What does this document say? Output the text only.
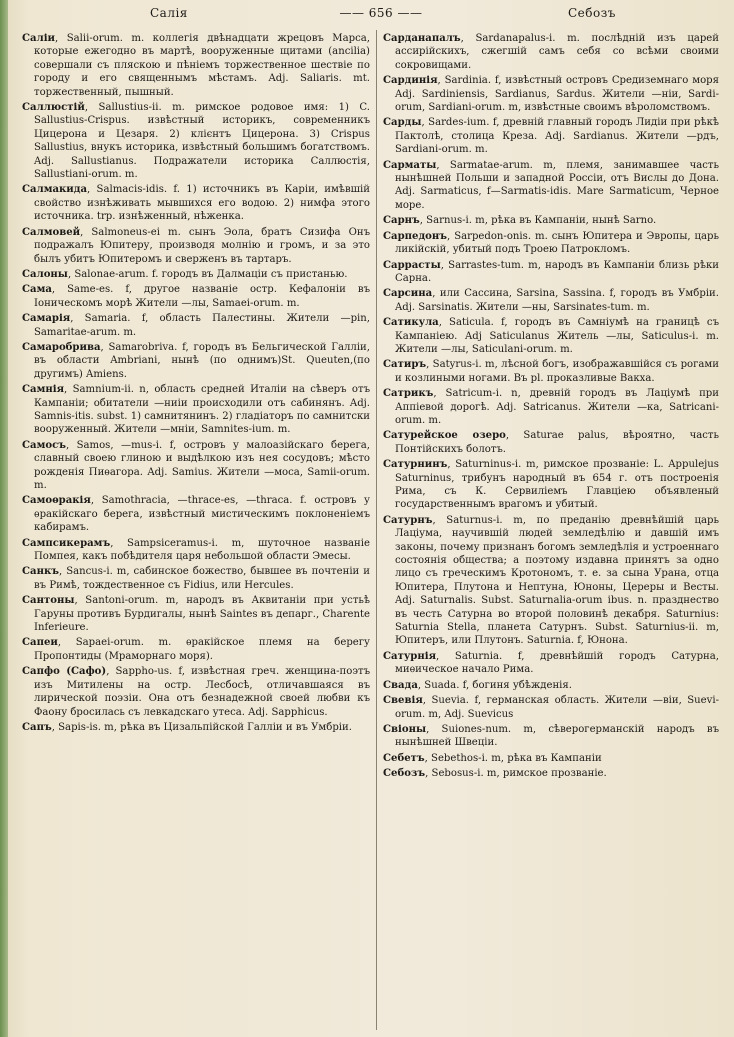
Салія	—— 656 ——	Себозъ

Саліи, Salii-orum. m. коллегія двѣнадцати жрецовъ Марса, которые ежегодно въ мартѣ, вооруженные щитами (ancilia) совершали съ пляскою и пѣніемъ торжественное шествіе по городу и его священнымъ мѣстамъ. Adj. Saliaris. mt. торжественный, пышный.

Саллюстій, Sallustius-ii. m. римское родовое имя: 1) C. Sallustius-Crispus. извѣстный историкъ, современникъ Цицерона и Цезаря. 2) клієнтъ Цицерона. 3) Crispus Sallustius, внукъ историка, извѣстный большимъ богатствомъ. Adj. Sallustianus. Подражатели историка Саллюстія, Sallustiani-orum. m.

Салмакида, Salmacis-idis. f. 1) источникъ въ Каріи, имѣвшій свойство изнѣживать мывшихся его водою. 2) нимфа этого источника. trp. изнѣженный, нѣженка.

Салмовей, Salmoneus-ei m. сынъ Эола, братъ Сизифа Онъ подражалъ Юпитеру, производя молнію и громъ, и за это былъ убитъ Юпитеромъ и сверженъ въ тартаръ.

Салоны, Salonae-arum. f. городъ въ Далмаціи съ пристанью.

Сама, Same-es. f, другое названіе остр. Кефалоніи въ Іоническомъ морѣ Жители —лы, Samaei-orum. m.

Самарія, Samaria. f, область Палестины. Жители —pin, Samaritae-arum. m.

Самаробрива, Samarobriva. f, городъ въ Бельгической Галліи, въ области Ambriani, нынѣ (по однимъ)St. Queuten,(по другимъ) Amiens.

Самнія, Samnium-ii. n, область средней Италіи на сѣверъ отъ Кампаніи; обитатели —ниіи происходили отъ сабинянъ. Adj. Samnis-itis. subst. 1) самнитянинъ. 2) гладіаторъ по самнитски вооруженный. Жители —мніи, Samnites-ium. m.

Самосъ, Samos, —mus-i. f, островъ у малоазійскаго берега, славный своею глиною и выдѣлкою изъ нея сосудовъ; мѣсто рожденія Пиѳагора. Adj. Samius. Жители —моса, Samii-orum. m.

Самоѳракія, Samothracia, —thrace-es, —thraca. f. островъ у ѳракійскаго берега, извѣстный мистическимъ поклоненіемъ кабирамъ.

Сампсикерамъ, Sampsiceramus-i. m, шуточное названіе Помпея, какъ побѣдителя царя небольшой области Эмесы.

Санкъ, Sancus-i. m, сабинское божество, бывшее въ почтеніи и въ Римѣ, тождественное съ Fidius, или Hercules.

Сантоны, Santoni-orum. m, народъ въ Аквитаніи при устьѣ Гаруны противъ Бурдигалы, нынѣ Saintes въ депарг., Charente Inferieure.

Сапеи, Sapaei-orum. m. ѳракійское племя на берегу Пропонтиды (Мраморнаго моря).

Сапфо (Сафо), Sappho-us. f, извѣстная греч. женщина-поэтъ изъ Митилены на остр. Лесбосѣ, отличавшаяся въ лирической поэзіи. Она отъ безнадежной своей любви къ Фаону бросилась съ левкадскаго утеса. Adj. Sapphicus.

Сапъ, Sapis-is. m, рѣка въ Цизальпійской Галліи и въ Умбріи.

Сарданапалъ, Sardanapalus-i. m. послѣдній изъ царей ассирійскихъ, сжегшій самъ себя со всѣми своими сокровищами.

Сардинія, Sardinia. f, извѣстный островъ Средиземнаго моря Adj. Sardiniensis, Sardianus, Sardus. Жители —ніи, Sardi-orum, Sardiani-orum. m, извѣстные своимъ вѣроломствомъ.

Сарды, Sardes-ium. f, древній главный городъ Лидіи при рѣкѣ Пактолѣ, столица Креза. Adj. Sardianus. Жители —рдъ, Sardiani-orum. m.

Сарматы, Sarmatae-arum. m, племя, занимавшее часть нынѣшней Польши и западной Россіи, отъ Вислы до Дона. Adj. Sarmaticus, f—Sarmatis-idis. Mare Sarmaticum, Черное море.

Сарнъ, Sarnus-i. m, рѣка въ Кампаніи, нынѣ Sarno.

Сарпедонъ, Sarpedon-onis. m. сынъ Юпитера и Эвропы, царь ликійскій, убитый подъ Троею Патрокломъ.

Саррасты, Sarrastes-tum. m, народъ въ Кампаніи близь рѣки Сарна.

Сарсина, или Сассина, Sarsina, Sassina. f, городъ въ Умбріи. Adj. Sarsinatis. Жители —ны, Sarsinates-tum. m.

Сатикула, Saticula. f, городъ въ Самніумѣ на границѣ съ Кампаніею. Adj Saticulanus Житель —лы, Saticulus-i. m. Жители —лы, Saticulani-orum. m.

Сатиръ, Satyrus-i. m, лѣсной богъ, изображавшійся съ рогами и козлиными ногами. Въ pl. проказливые Вакха.

Сатрикъ, Satricum-i. n, древній городъ въ Лаціумѣ при Аппіевой дорогѣ. Adj. Satricanus. Жители —ка, Satricani-orum. m.

Сатурейское озеро, Saturae palus, вѣроятно, часть Понтійскихъ болотъ.

Сатурнинъ, Saturninus-i. m, римское прозваніе: L. Appulejus Saturninus, трибунъ народный въ 654 г. отъ построенія Рима, съ К. Сервиліемъ Главціею объявленый государственнымъ врагомъ и убитый.

Сатурнъ, Saturnus-i. m, по преданію древнѣйшій царь Лаціума, научившій людей земледѣлію и давшій имъ законы, почему признанъ богомъ земледѣлія и устроеннаго состоянія общества; а поэтому издавна принятъ за одно лицо съ греческимъ Кротономъ, т. е. за сына Урана, отца Юпитера, Плутона и Нептуна, Юноны, Цереры и Весты. Adj. Saturnalis. Subst. Saturnalia-orum ibus. n. празднество въ честь Сатурна во второй половинѣ декабря. Saturnius: Saturnia Stella, планета Сатурнъ. Subst. Saturnius-ii. m, Юпитеръ, или Плутонъ. Saturnia. f, Юнона.

Сатурнія, Saturnia. f, древнѣйшій городъ Сатурна, миѳическое начало Рима.

Свада, Suada. f, богиня убѣжденія.

Свевія, Suevia. f, германская область. Жители —віи, Suevi-orum. m, Adj. Suevicus

Свіоны, Suiones-num. m, сѣверогерманскій народъ въ нынѣшней Швеціи.

Себетъ, Sebethos-i. m, рѣка въ Кампаніи

Себозъ, Sebosus-i. m, римское прозваніе.
